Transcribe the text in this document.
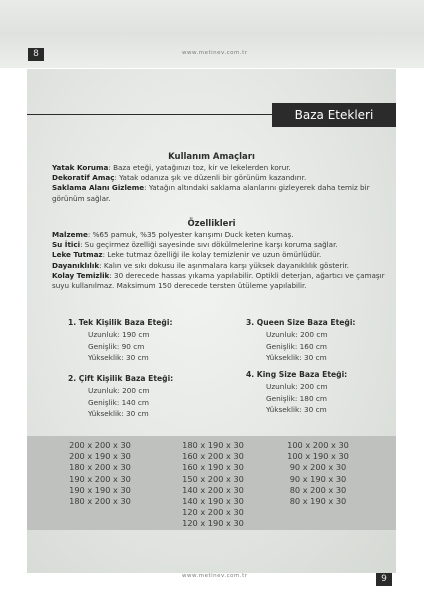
8	www.metinev.com.tr
Baza Etekleri
Kullanım Amaçları
Yatak Koruma: Baza eteği, yatağınızı toz, kir ve lekelerden korur.
Dekoratif Amaç: Yatak odanıza şık ve düzenli bir görünüm kazandırır.
Saklama Alanı Gizleme: Yatağın altındaki saklama alanlarını gizleyerek daha temiz bir görünüm sağlar.
Özellikleri
Malzeme: %65 pamuk, %35 polyester karışımı Duck keten kumaş.
Su İtici: Su geçirmez özelliği sayesinde sıvı dökülmelerine karşı koruma sağlar.
Leke Tutmaz: Leke tutmaz özelliği ile kolay temizlenir ve uzun ömürlüdür.
Dayanıklılık: Kalın ve sıkı dokusu ile aşınmalara karşı yüksek dayanıklılık gösterir.
Kolay Temizlik: 30 derecede hassas yıkama yapılabilir. Optikli deterjan, ağartıcı ve çamaşır suyu kullanılmaz. Maksimum 150 derecede tersten ütüleme yapılabilir.
1. Tek Kişilik Baza Eteği:
Uzunluk: 190 cm
Genişlik: 90 cm
Yükseklik: 30 cm
2. Çift Kişilik Baza Eteği:
Uzunluk: 200 cm
Genişlik: 140 cm
Yükseklik: 30 cm
3. Queen Size Baza Eteği:
Uzunluk: 200 cm
Genişlik: 160 cm
Yükseklik: 30 cm
4. King Size Baza Eteği:
Uzunluk: 200 cm
Genişlik: 180 cm
Yükseklik: 30 cm
200 x 200 x 30
200 x 190 x 30
180 x 200 x 30
190 x 200 x 30
190 x 190 x 30
180 x 200 x 30
180 x 190 x 30
160 x 200 x 30
160 x 190 x 30
150 x 200 x 30
140 x 200 x 30
140 x 190 x 30
120 x 200 x 30
120 x 190 x 30
100 x 200 x 30
100 x 190 x 30
90 x 200 x 30
90 x 190 x 30
80 x 200 x 30
80 x 190 x 30
www.metinev.com.tr	9
